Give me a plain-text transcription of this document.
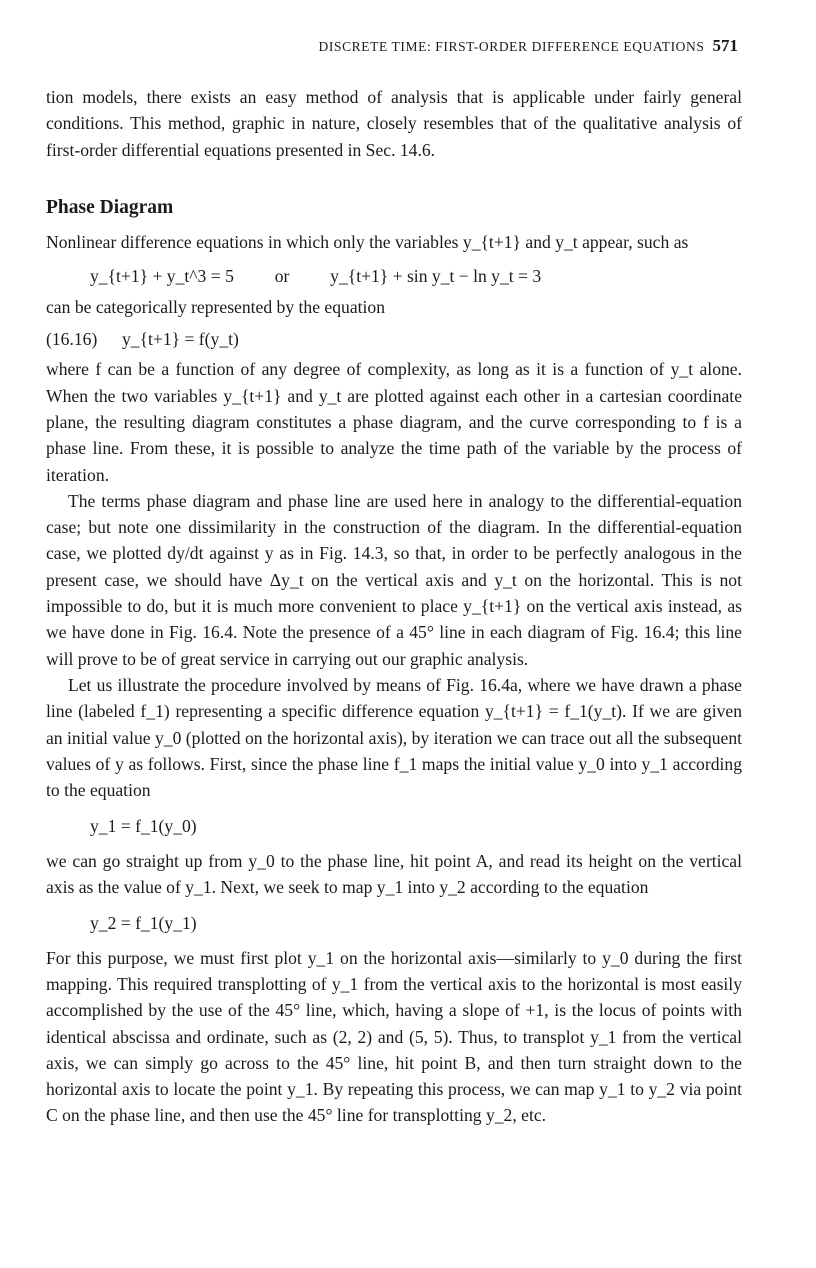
DISCRETE TIME: FIRST-ORDER DIFFERENCE EQUATIONS 571

tion models, there exists an easy method of analysis that is applicable under fairly general conditions. This method, graphic in nature, closely resembles that of the qualitative analysis of first-order differential equations presented in Sec. 14.6.

Phase Diagram

Nonlinear difference equations in which only the variables y_{t+1} and y_t appear, such as

y_{t+1} + y_t^3 = 5 or y_{t+1} + sin y_t − ln y_t = 3

can be categorically represented by the equation

(16.16) y_{t+1} = f(y_t)

where f can be a function of any degree of complexity, as long as it is a function of y_t alone. When the two variables y_{t+1} and y_t are plotted against each other in a cartesian coordinate plane, the resulting diagram constitutes a phase diagram, and the curve corresponding to f is a phase line. From these, it is possible to analyze the time path of the variable by the process of iteration.

The terms phase diagram and phase line are used here in analogy to the differential-equation case; but note one dissimilarity in the construction of the diagram. In the differential-equation case, we plotted dy/dt against y as in Fig. 14.3, so that, in order to be perfectly analogous in the present case, we should have Δy_t on the vertical axis and y_t on the horizontal. This is not impossible to do, but it is much more convenient to place y_{t+1} on the vertical axis instead, as we have done in Fig. 16.4. Note the presence of a 45° line in each diagram of Fig. 16.4; this line will prove to be of great service in carrying out our graphic analysis.

Let us illustrate the procedure involved by means of Fig. 16.4a, where we have drawn a phase line (labeled f_1) representing a specific difference equation y_{t+1} = f_1(y_t). If we are given an initial value y_0 (plotted on the horizontal axis), by iteration we can trace out all the subsequent values of y as follows. First, since the phase line f_1 maps the initial value y_0 into y_1 according to the equation

y_1 = f_1(y_0)

we can go straight up from y_0 to the phase line, hit point A, and read its height on the vertical axis as the value of y_1. Next, we seek to map y_1 into y_2 according to the equation

y_2 = f_1(y_1)

For this purpose, we must first plot y_1 on the horizontal axis—similarly to y_0 during the first mapping. This required transplotting of y_1 from the vertical axis to the horizontal is most easily accomplished by the use of the 45° line, which, having a slope of +1, is the locus of points with identical abscissa and ordinate, such as (2, 2) and (5, 5). Thus, to transplot y_1 from the vertical axis, we can simply go across to the 45° line, hit point B, and then turn straight down to the horizontal axis to locate the point y_1. By repeating this process, we can map y_1 to y_2 via point C on the phase line, and then use the 45° line for transplotting y_2, etc.
